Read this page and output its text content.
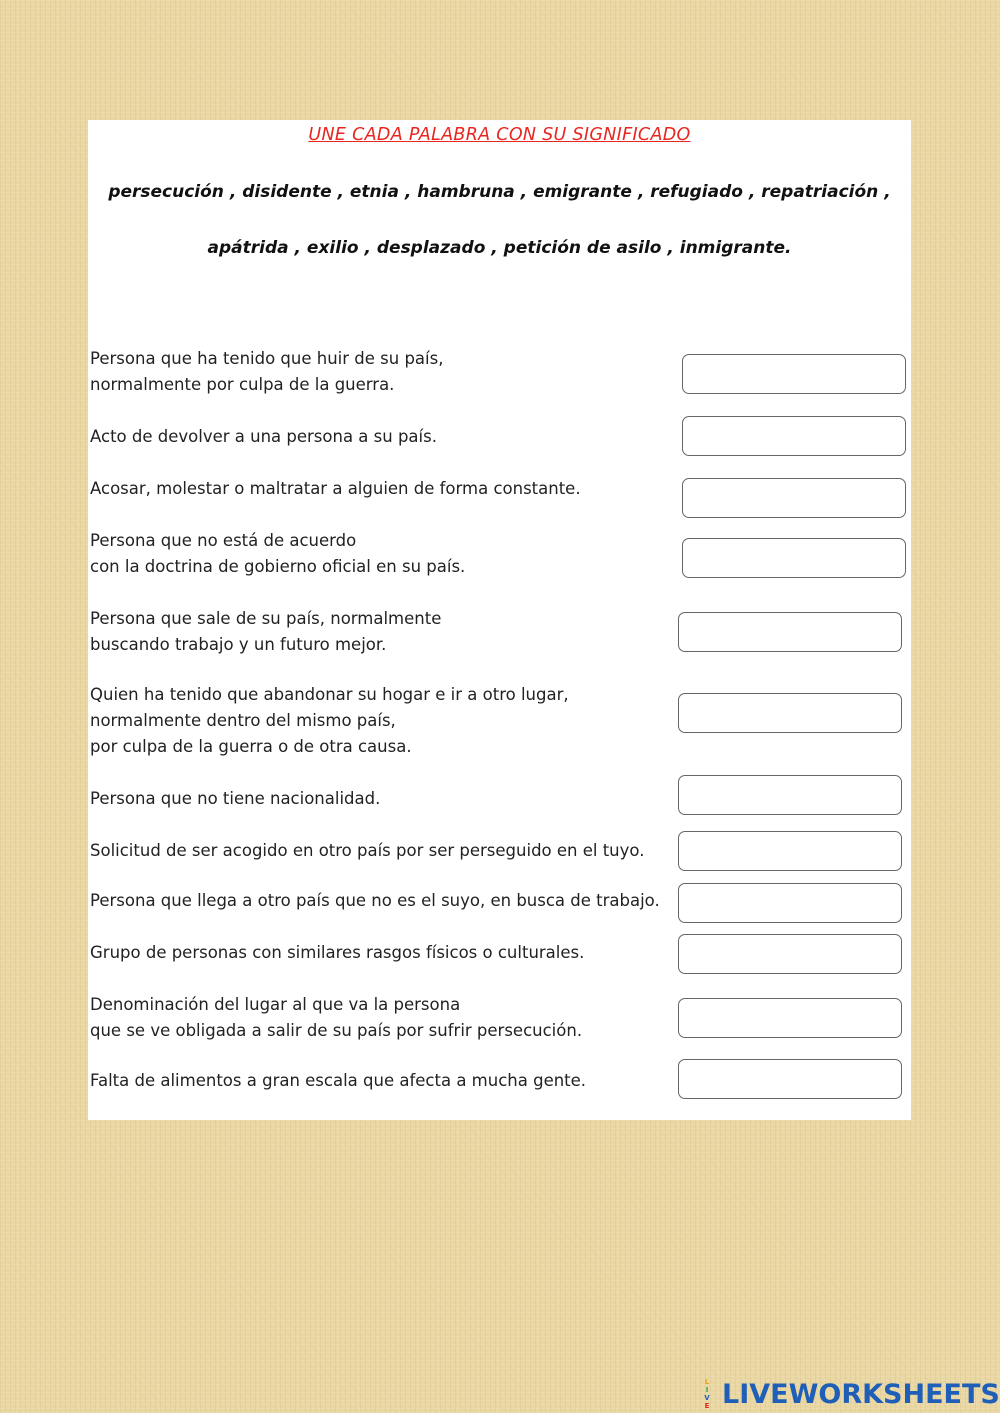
UNE CADA PALABRA CON SU SIGNIFICADO
persecución , disidente , etnia , hambruna , emigrante , refugiado , repatriación ,
apátrida , exilio , desplazado , petición de asilo , inmigrante.
Persona que ha tenido que huir de su país,
normalmente por culpa de la guerra.
Acto de devolver a una persona a su país.
Acosar, molestar o maltratar a alguien de forma constante.
Persona que no está de acuerdo
con la doctrina de gobierno oficial en su país.
Persona que sale de su país, normalmente
buscando trabajo y un futuro mejor.
Quien ha tenido que abandonar su hogar e ir a otro lugar,
normalmente dentro del mismo país,
por culpa de la guerra o de otra causa.
Persona que no tiene nacionalidad.
Solicitud de ser acogido en otro país por ser perseguido en el tuyo.
Persona que llega a otro país que no es el suyo, en busca de trabajo.
Grupo de personas con similares rasgos físicos o culturales.
Denominación del lugar al que va la persona
que se ve obligada a salir de su país por sufrir persecución.
Falta de alimentos a gran escala que afecta a mucha gente.
L
I
V
E LIVEWORKSHEETS
